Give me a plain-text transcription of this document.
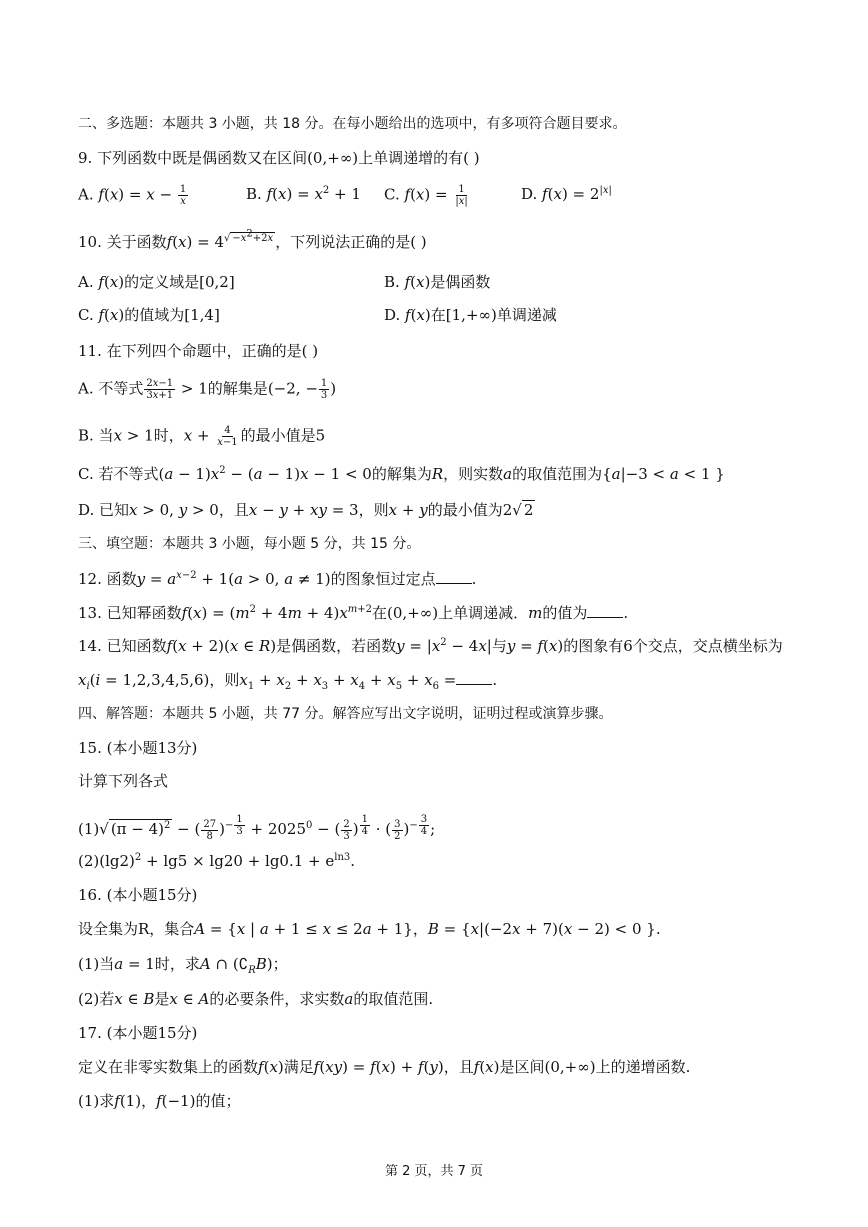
二、多选题：本题共 3 小题，共 18 分。在每小题给出的选项中，有多项符合题目要求。
9. 下列函数中既是偶函数又在区间(0,+∞)上单调递增的有( )
A. $f(x) = x - \frac{1}{x}$	B. $f(x) = x^2 + 1$ C. $f(x) = \frac{1}{|x|}$	D. $f(x) = 2^{|x|}$
10. 关于函数$f(x) = 4^{√ -x^2+2x}$ ，下列说法正确的是( )
A. f(x)的定义域是[0,2]	B. f(x)是偶函数
C. f(x)的值域为[1,4]	D. f(x)在[1,+∞)单调递减
11. 在下列四个命题中，正确的是( )
A. 不等式 $\frac{2x-1}{3x+1} > 1$的解集是(−2, − $\frac{1}{3}$ )
B. 当x > 1时，$x + \frac{4}{x-1}$ 的最小值是5
C. 若不等式$(a - 1)x^2 - (a - 1)x - 1 < 0$的解集为R，则实数a的取值范围为{a|−3 < a < 1 }
D. 已知x > 0, y > 0，且x − y + xy = 3，则x + y的最小值为2√ 2
三、填空题：本题共 3 小题，每小题 5 分，共 15 分。
12. 函数$y = a^{x-2} + 1(a > 0$, a ≠ 1)的图象恒过定点 .
13. 已知幂函数$f(x) = (m^2 + 4m + 4)x^{m+2}$在(0,+∞)上单调递减．m的值为 .
14. 已知函数f(x + 2)(x ∈ R)是偶函数，若函数$y = |x^2 - 4x|$与y = f(x)的图象有6个交点，交点横坐标为
$x_i(i = 1,2,3,4,5,6)$，则$x_1 + x_2 + x_3 + x_4 + x_5 + x_6$ = .
四、解答题：本题共 5 小题，共 77 分。解答应写出文字说明，证明过程或演算步骤。
15. (本小题13分)
计算下列各式
(1)√ $(\pi - 4)^2$ − ( $\frac{27}{8} )^{- \frac{1}{3}} + 2025^0$ − ( $\frac{2}{3}$ ) $^{\frac{1}{4}}$ · ( $\frac{3}{2} )^{- \frac{3}{4}}$ ;
$(2)(\lg 2)^2 + \lg 5 \times \lg 20 + \lg 0.1 + e^{ln3}$.
16. (本小题15分)
设全集为R，集合A = {x | a + 1 ≤ x ≤ 2a + 1}，B = {x|(−2x + 7)(x − 2) < 0 }.
(1)当a = 1时，求A ∩ $(∁_RB)$；
(2)若x ∈ B是x ∈ A的必要条件，求实数a的取值范围.
17. (本小题15分)
定义在非零实数集上的函数f(x)满足f(xy) = f(x) + f(y)，且f(x)是区间(0,+∞)上的递增函数.
(1)求f(1)，f(−1)的值；
第 2 页，共 7 页
